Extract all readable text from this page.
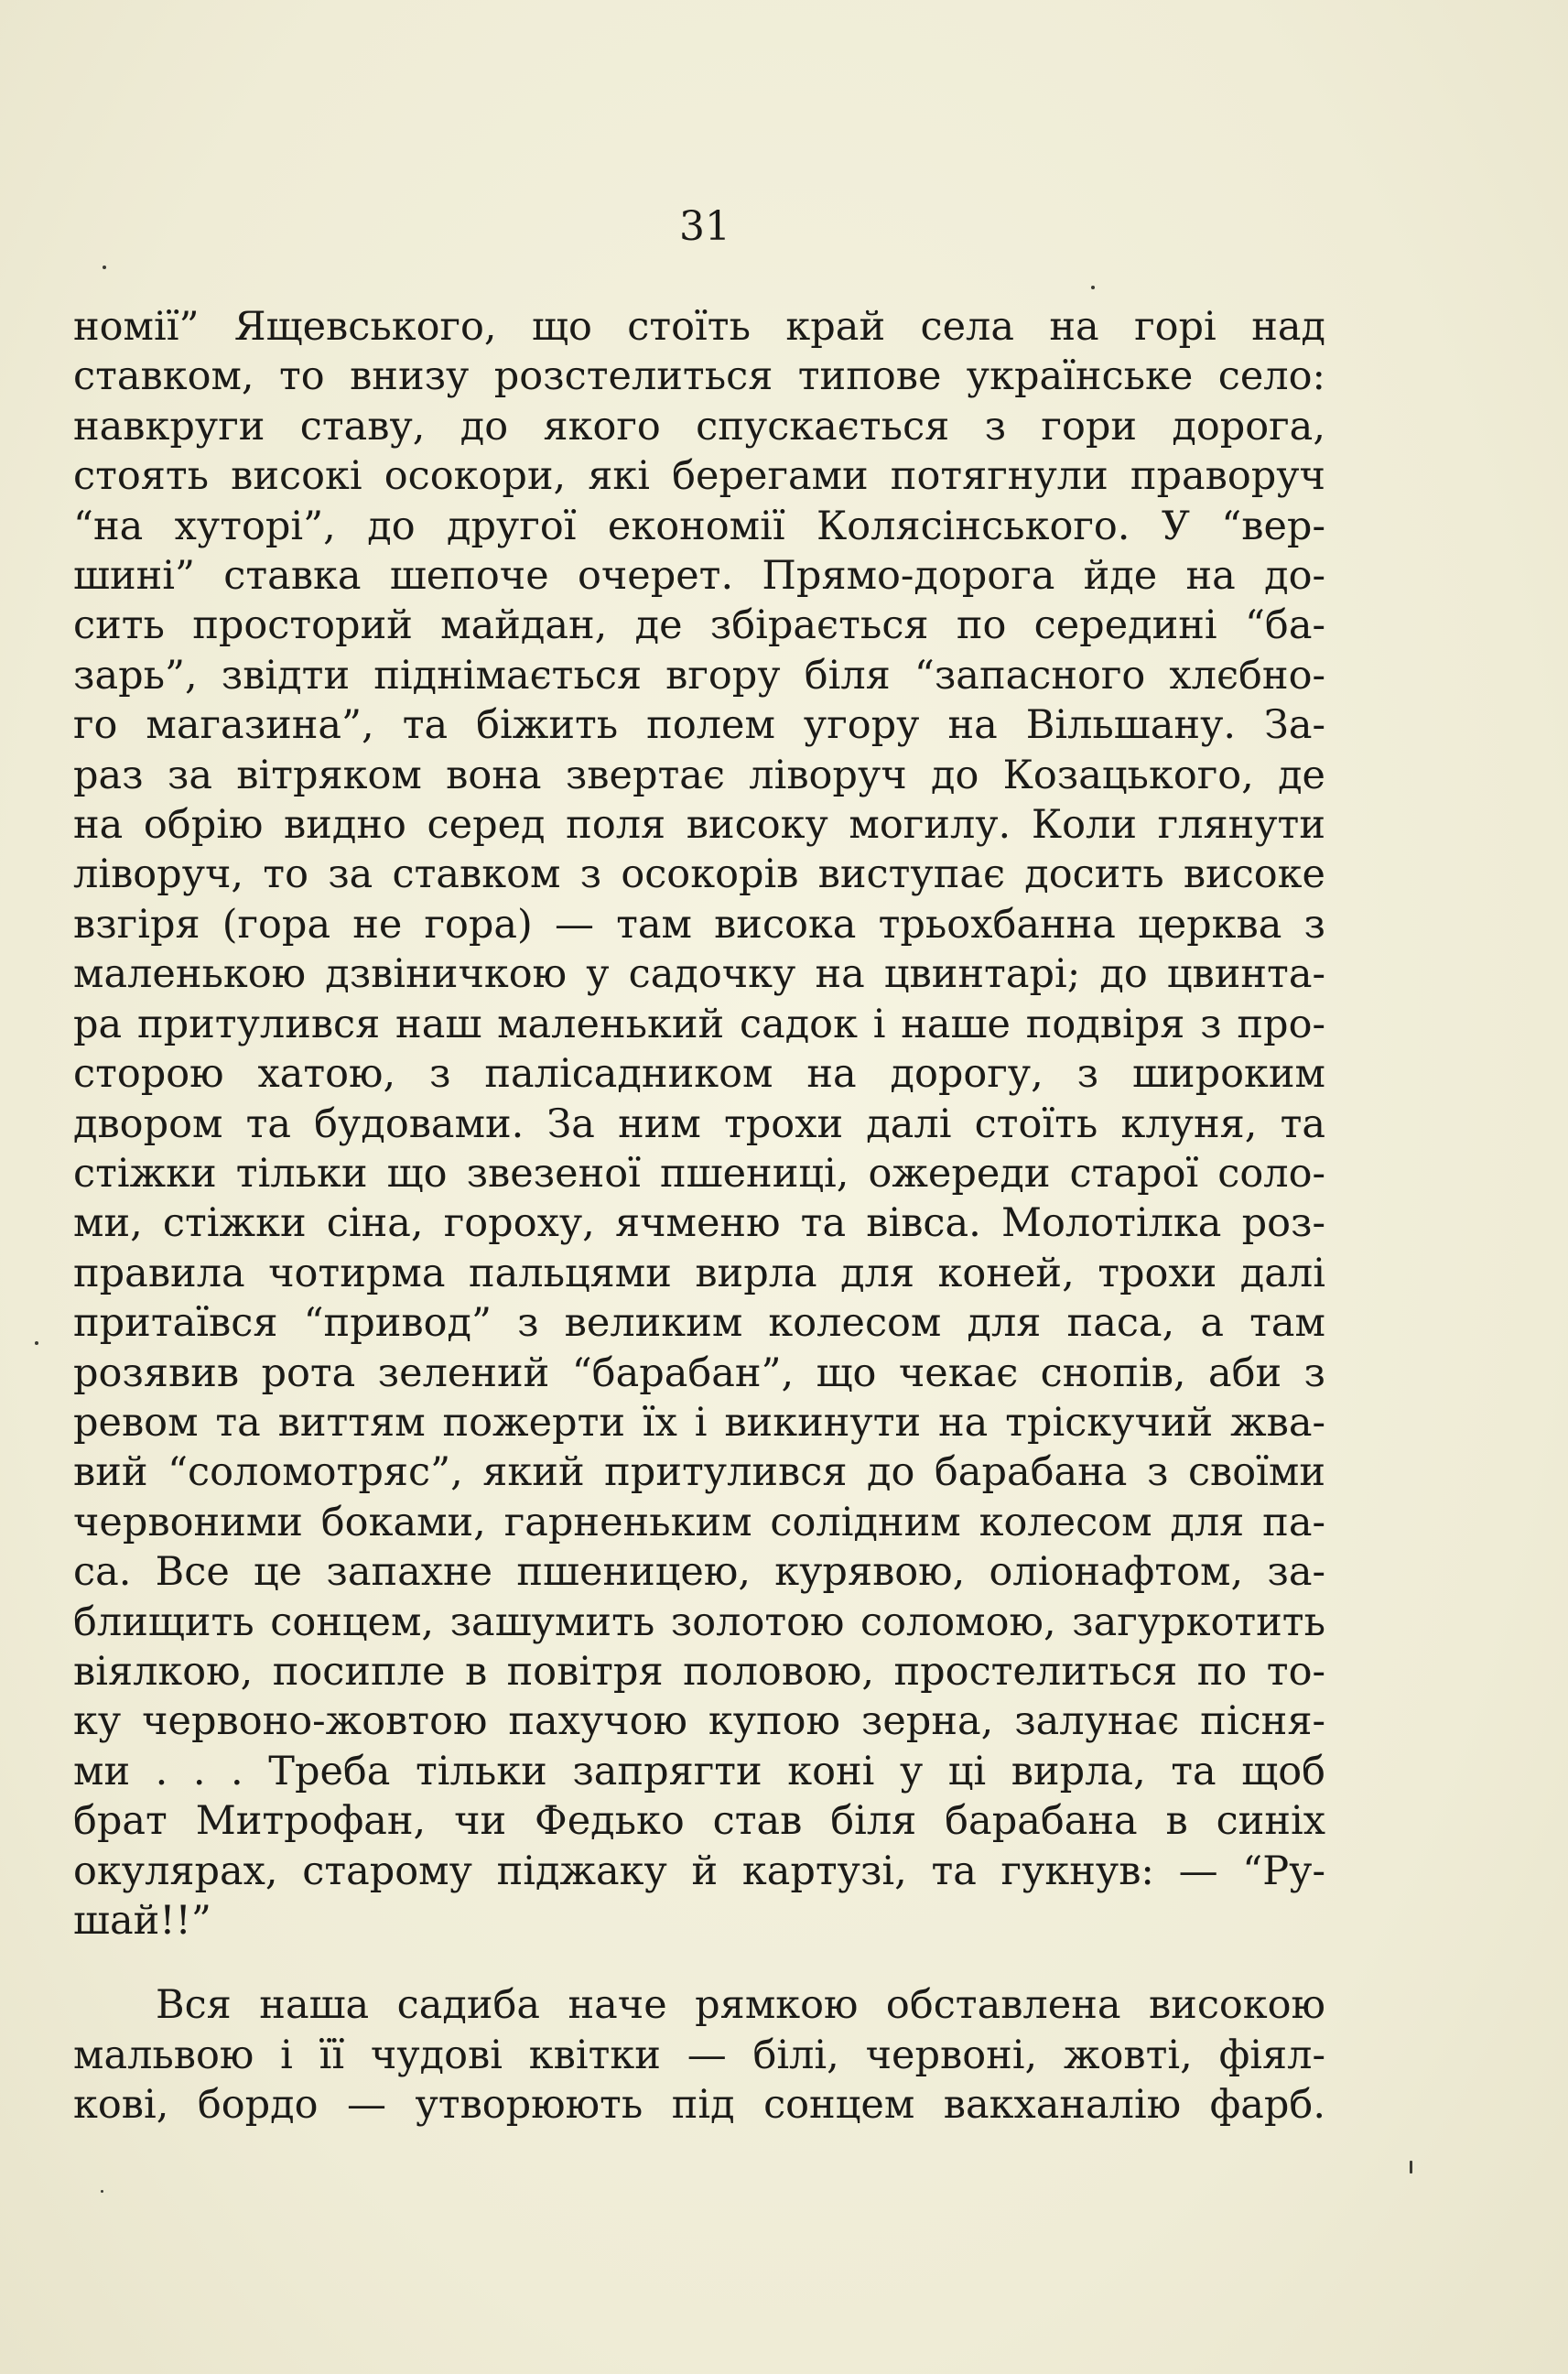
31
номії” Ящевського, що стоїть край села на горі над
ставком, то внизу розстелиться типове українське село:
навкруги ставу, до якого спускається з гори дорога,
стоять високі осокори, які берегами потягнули праворуч
“на хуторі”, до другої економії Колясінського. У “вер-
шині” ставка шепоче очерет. Прямо-дорога йде на до-
сить просторий майдан, де збірається по середині “ба-
зарь”, звідти піднімається вгору біля “запасного хлєбно-
го магазина”, та біжить полем угору на Вільшану. За-
раз за вітряком вона звертає ліворуч до Козацького, де
на обрію видно серед поля високу могилу. Коли глянути
ліворуч, то за ставком з осокорів виступає досить високе
взгіря (гора не гора) — там висока трьохбанна церква з
маленькою дзвіничкою у садочку на цвинтарі; до цвинта-
ра притулився наш маленький садок і наше подвіря з про-
сторою хатою, з палісадником на дорогу, з широким
двором та будовами. За ним трохи далі стоїть клуня, та
стіжки тільки що звезеної пшениці, ожереди старої соло-
ми, стіжки сіна, гороху, ячменю та вівса. Молотілка роз-
правила чотирма пальцями вирла для коней, трохи далі
притаївся “привод” з великим колесом для паса, а там
розявив рота зелений “барабан”, що чекає снопів, аби з
ревом та виттям пожерти їх і викинути на тріскучий жва-
вий “соломотряс”, який притулився до барабана з своїми
червоними боками, гарненьким солідним колесом для па-
са. Все це запахне пшеницею, курявою, оліонафтом, за-
блищить сонцем, зашумить золотою соломою, загуркотить
віялкою, посипле в повітря половою, простелиться по то-
ку червоно-жовтою пахучою купою зерна, залунає пісня-
ми . . . Треба тільки запрягти коні у ці вирла, та щоб
брат Митрофан, чи Федько став біля барабана в синіх
окулярах, старому піджаку й картузі, та гукнув: — “Ру-
шай!!”
Вся наша садиба наче рямкою обставлена високою
мальвою і її чудові квітки — білі, червоні, жовті, фіял-
кові, бордо — утворюють під сонцем вакханалію фарб.
